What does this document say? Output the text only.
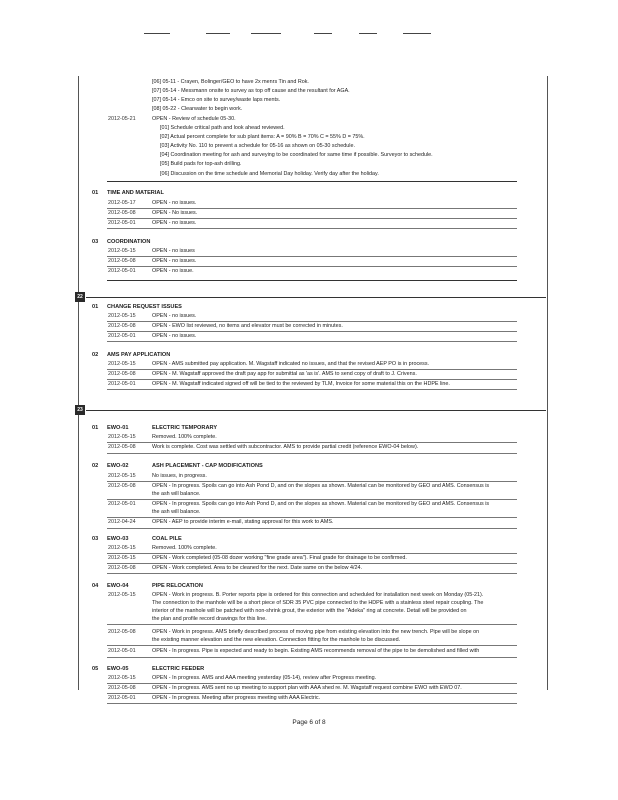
[06] 05-11 - Crayen, Bolinger/GEO to have 2x menrs Tin and Rok.
[07] 05-14 - Messmann onsite to survey as top off cause and the resultant for AGA.
[07] 05-14 - Emco on site to survey/waste laps ments.
[08] 05-22 - Clearwater to begin work.
2012-05-21	OPEN - Review of schedule 05-30.
[01] Schedule critical path and look ahead reviewed.
[02] Actual percent complete for sub plant items: A = 90% B = 70% C = 55% D = 75%.
[03] Activity No. 110 to prevent a schedule for 05-16 as shown on 05-30 schedule.
[04] Coordination meeting for ash and surveying to be coordinated for same time if possible. Surveyor to schedule.
[05] Build pads for top-ash drilling.
[06] Discussion on the time schedule and Memorial Day holiday. Verify day after the holiday.
01 TIME AND MATERIAL
2012-05-17	OPEN - no issues.
2012-05-08	OPEN - No issues.
2012-05-01	OPEN - no issues.
03 COORDINATION
2012-05-15	OPEN - no issues
2012-05-08	OPEN - no issues.
2012-05-01	OPEN - no issue.
22
01 CHANGE REQUEST ISSUES
2012-05-15	OPEN - no issues.
2012-05-08	OPEN - EWO list reviewed, no items and elevator must be corrected in minutes.
2012-05-01	OPEN - no issues.
02 AMS PAY APPLICATION
2012-05-15	OPEN - AMS submitted pay application. M. Wagstaff indicated no issues, and that the revised AEP PO is in process.
2012-05-08	OPEN - M. Wagstaff approved the draft pay app for submittal as 'as is'. AMS to send copy of draft to J. Crivens.
2012-05-01	OPEN - M. Wagstaff indicated signed off will be tied to the reviewed by TLM, Invoice for some material this on the HDPE line.
23
01 EWO-01	ELECTRIC TEMPORARY
2012-05-15	Removed. 100% complete.
2012-05-08	Work is complete. Cost was settled with subcontractor. AMS to provide partial credit (reference EWO-04 below).
02 EWO-02	ASH PLACEMENT - CAP MODIFICATIONS
2012-05-15	No issues, in progress.
2012-05-08	OPEN - In progress. Spoils can go into Ash Pond D, and on the slopes as shown. Material can be monitored by GEO and AMS. Consensus is
the ash will balance.
2012-05-01	OPEN - In progress. Spoils can go into Ash Pond D, and on the slopes as shown. Material can be monitored by GEO and AMS. Consensus is
the ash will balance.
2012-04-24	OPEN - AEP to provide interim e-mail, stating approval for this work to AMS.
03 EWO-03	COAL PILE
2012-05-15	Removed. 100% complete.
2012-05-15	OPEN - Work completed (05-08 dozer working "fine grade area"). Final grade for drainage to be confirmed.
2012-05-08	OPEN - Work completed. Area to be cleaned for the next. Date same on the below 4/24.
04 EWO-04	PIPE RELOCATION
2012-05-15	OPEN - Work in progress. B. Porter reports pipe is ordered for this connection and scheduled for installation next week on Monday (05-21).
The connection to the manhole will be a short piece of SDR 35 PVC pipe connected to the HDPE with a stainless steel repair coupling. The
interior of the manhole will be patched with non-shrink grout, the exterior with the "Adeka" ring at concrete. Detail will be provided on
the plan and profile record drawings for this line.
2012-05-08	OPEN - Work in progress. AMS briefly described process of moving pipe from existing elevation into the new trench. Pipe will be slope on
the existing manner elevation and the new elevation. Connection fitting for the manhole to be discussed.
2012-05-01	OPEN - In progress. Pipe is expected and ready to begin. Existing AMS recommends removal of the pipe to be demolished and filled with
05 EWO-05	ELECTRIC FEEDER
2012-05-15	OPEN - In progress. AMS and AAA meeting yesterday (05-14), review after Progress meeting.
2012-05-08	OPEN - In progress. AMS sent no up meeting to support plan with AAA shed re. M. Wagstaff request combine EWO with EWO 07.
2012-05-01	OPEN - In progress. Meeting after progress meeting with AAA Electric.
Page 6 of 8
